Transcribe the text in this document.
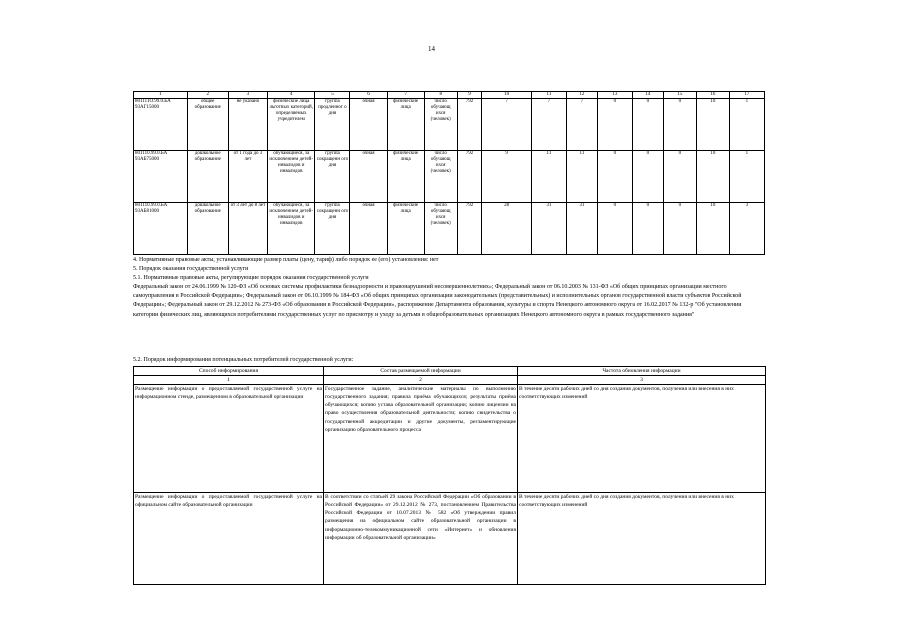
14
1	2	3	4	5	6	7	8	9	10	11	12	13	14	15	16	17
801111О.99.0.БА 93АГ15000	общее образование	не указано	физические лица льготных категорий, определяемых учредителем	группа продленног о дня	очная	физические лица	число обучающ ихся (человек)	792	7	7	7	0	0	0	10	1
801110.99.0.БА 93АБ75000	дошкольное образование	от 1 года до 3 лет	обучающиеся, за исключением детей-инвалидов и инвалидов	группа сокращенн ого дня	очная	физические лица	число обучающ ихся (человек)	792	9	11	11	0	0	0	10	1
801110.99.0.БА 93АБ81000	дошкольное образование	от 3 лет до 8 лет	обучающиеся, за исключением детей-инвалидов и инвалидов	группа сокращенн ого дня	очная	физические лица	число обучающ ихся (человек)	792	28	31	31	0	0	0	10	3

4. Нормативные правовые акты, устанавливающие размер платы (цену, тариф) либо порядок ее (его) установления: нет

5. Порядок оказания государственной услуги

5.1. Нормативные правовые акты, регулирующие порядок оказания государственной услуги

Федеральный закон от 24.06.1999 № 120-ФЗ «Об основах системы профилактики безнадзорности и правонарушений несовершеннолетних»; Федеральный закон от 06.10.2003 № 131-ФЗ «Об общих принципах организации местного самоуправления в Российской Федерации»; Федеральный закон от 06.10.1999 № 184-ФЗ «Об общих принципах организации законодательных (представительных) и исполнительных органов государственной власти субъектов Российской Федерации»; Федеральный закон от 29.12.2012 № 273-ФЗ «Об образовании в Российской Федерации», распоряжение Департамента образования, культуры и спорта Ненецкого автономного округа от 16.02.2017 № 132-р "Об установлении категории физических лиц, являющихся потребителями государственных услуг по присмотру и уходу за детьми в общеобразовательных организациях Ненецкого автономного округа в рамках государственного задания"

5.2. Порядок информирования потенциальных потребителей государственной услуги:
Способ информирования	Состав размещаемой информации	Частота обновления информации
1	2	3
Размещение информации о предоставляемой государственной услуге на информационном стенде, размещенном в образовательной организации	Государственное задание, аналитические материалы по выполнению государственного задания; правила приёма обучающихся; результаты приёма обучающихся; копию устава образовательной организации; копию лицензии на право осуществления образовательной деятельности; копию свидетельства о государственной аккредитации и другие документы, регламентирующие организацию образовательного процесса	В течение десяти рабочих дней со дня создания документов, получения или внесения в них соответствующих изменений
Размещение информации о предоставляемой государственной услуге на официальном сайте образовательной организации	В соответствии со статьей 29 закона Российской Федерации «Об образовании в Российской Федерации» от 29.12.2012 № 273, постановлением Правительства Российской Федерации от 10.07.2013 № 582 «Об утверждении правил размещения на официальном сайте образовательной организации в информационно-телекоммуникационной сети «Интернет» и обновления информации об образовательной организации»	В течение десяти рабочих дней со дня создания документов, получения или внесения в них соответствующих изменений
